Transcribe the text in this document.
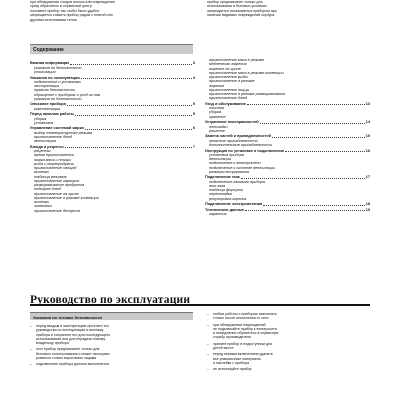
при обнаружении следов износа или повреждения

сразу обратитесь в сервисный центр

поставьте прибор так чтобы было удобно

запрещается ставить прибор рядом с плитой или

другими источниками тепла

прибор предназначен только для

использования в бытовых условиях

запрещается пользоваться прибором при

наличии видимых повреждений корпуса

Содержание
Важная информация	3
указания по безопасности
утилизация
Указания по эксплуатации	3
подключение и установка
эксплуатация
правила безопасности
обращение с прибором и уход за ним
указания по безопасности
Описание прибора	5
комплектация
Перед началом работы	5
уборка
установка
Управление системой жарки	6
выбор температурного режима
приготовление блюд
вентиляция
Блюда и рецепты	7
рецепты
время приготовления
жарка мяса и птицы
рыба и морепродукты
приготовление овощей
выпечка
таблица режимов
приготовление гарниров
размораживание продуктов
подогрев блюд
приготовление на гриле
приготовление в режиме конвекции
выпечка
запеканки
приготовление десертов
приготовление мяса в режиме
медленного жарения
жарение на гриле
приготовление мяса в режиме конвекции
приготовление рыбы
приготовление в режиме
жарения
приготовление пиццы
приготовление в режиме размораживания
приготовление блюд
Уход и обслуживание	13
очистка
уборка
хранение
Устранение неисправностей	14
неполадки
решение
Замена частей и принадлежностей	15
запасные принадлежности
дополнительные принадлежности
Инструкция по установке и подключению	16
установка прибора
вентиляция
подключение к электросети
подключение к системе вентиляции
размеры встраивания
Подключение газа	17
подключение газового прибора
тип газа
таблица форсунок
переналадка
регулировка горелок
Подключение электропитания	18
Технические данные	19
гарантия
Руководство по эксплуатации
Указания по технике безопасности

– перед вводом в эксплуатацию прочтите это

руководство по эксплуатации и монтажу

прибора и сохраните его для последующего

использования или для передачи новому

владельцу прибора

– этот прибор предназначен только для

бытового использования и может эксплуати-

роваться только взрослыми лицами

– подключение прибора должно выполняться

– любые работы с прибором выполнять

только после отключения от сети

– при обнаружении повреждений

не подключайте прибор к электросети

и немедленно обратитесь в сервисную

службу производителя

– храните прибор в недоступном для

детей месте

– перед первым включением удалите

все упаковочные материалы

и наклейки с прибора

– не используйте прибор
